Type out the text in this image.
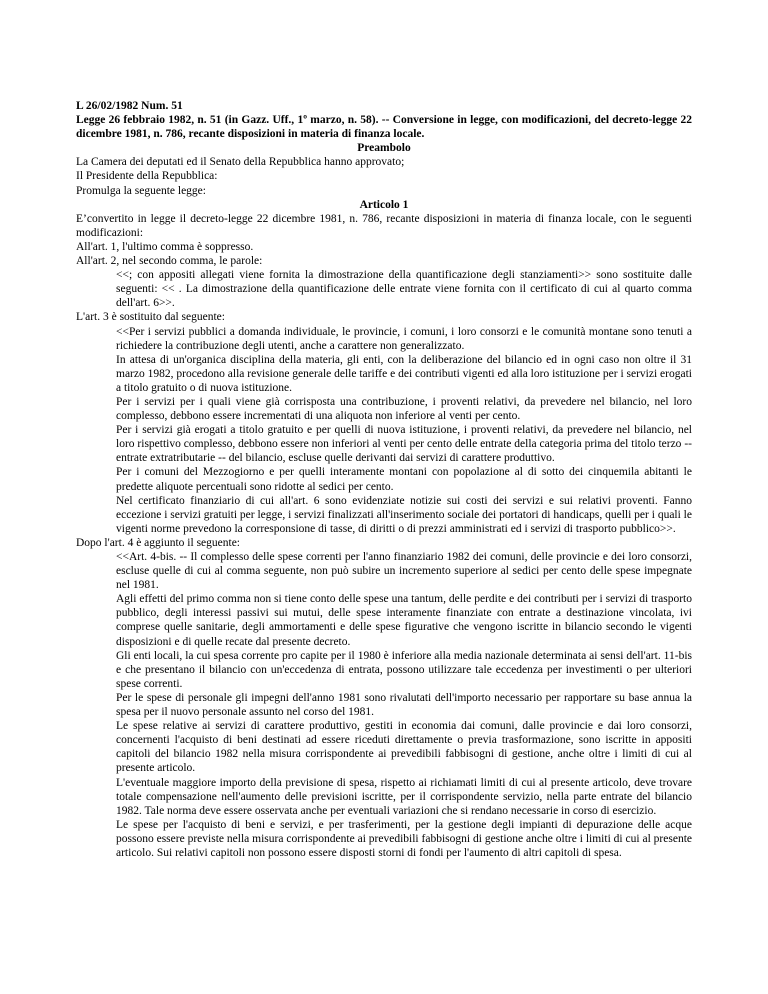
L 26/02/1982 Num. 51

Legge 26 febbraio 1982, n. 51 (in Gazz. Uff., 1º marzo, n. 58). -- Conversione in legge, con modificazioni, del decreto-legge 22 dicembre 1981, n. 786, recante disposizioni in materia di finanza locale.

Preambolo

La Camera dei deputati ed il Senato della Repubblica hanno approvato;

Il Presidente della Repubblica:

Promulga la seguente legge:

Articolo 1

E’convertito in legge il decreto-legge 22 dicembre 1981, n. 786, recante disposizioni in materia di finanza locale, con le seguenti modificazioni:

All'art. 1, l'ultimo comma è soppresso.

All'art. 2, nel secondo comma, le parole:

<<; con appositi allegati viene fornita la dimostrazione della quantificazione degli stanziamenti>> sono sostituite dalle seguenti: << . La dimostrazione della quantificazione delle entrate viene fornita con il certificato di cui al quarto comma dell'art. 6>>.

L'art. 3 è sostituito dal seguente:

<<Per i servizi pubblici a domanda individuale, le provincie, i comuni, i loro consorzi e le comunità montane sono tenuti a richiedere la contribuzione degli utenti, anche a carattere non generalizzato.

In attesa di un'organica disciplina della materia, gli enti, con la deliberazione del bilancio ed in ogni caso non oltre il 31 marzo 1982, procedono alla revisione generale delle tariffe e dei contributi vigenti ed alla loro istituzione per i servizi erogati a titolo gratuito o di nuova istituzione.

Per i servizi per i quali viene già corrisposta una contribuzione, i proventi relativi, da prevedere nel bilancio, nel loro complesso, debbono essere incrementati di una aliquota non inferiore al venti per cento.

Per i servizi già erogati a titolo gratuito e per quelli di nuova istituzione, i proventi relativi, da prevedere nel bilancio, nel loro rispettivo complesso, debbono essere non inferiori al venti per cento delle entrate della categoria prima del titolo terzo -- entrate extratributarie -- del bilancio, escluse quelle derivanti dai servizi di carattere produttivo.

Per i comuni del Mezzogiorno e per quelli interamente montani con popolazione al di sotto dei cinquemila abitanti le predette aliquote percentuali sono ridotte al sedici per cento.

Nel certificato finanziario di cui all'art. 6 sono evidenziate notizie sui costi dei servizi e sui relativi proventi. Fanno eccezione i servizi gratuiti per legge, i servizi finalizzati all'inserimento sociale dei portatori di handicaps, quelli per i quali le vigenti norme prevedono la corresponsione di tasse, di diritti o di prezzi amministrati ed i servizi di trasporto pubblico>>.

Dopo l'art. 4 è aggiunto il seguente:

<<Art. 4-bis. -- Il complesso delle spese correnti per l'anno finanziario 1982 dei comuni, delle provincie e dei loro consorzi, escluse quelle di cui al comma seguente, non può subire un incremento superiore al sedici per cento delle spese impegnate nel 1981.

Agli effetti del primo comma non si tiene conto delle spese una tantum, delle perdite e dei contributi per i servizi di trasporto pubblico, degli interessi passivi sui mutui, delle spese interamente finanziate con entrate a destinazione vincolata, ivi comprese quelle sanitarie, degli ammortamenti e delle spese figurative che vengono iscritte in bilancio secondo le vigenti disposizioni e di quelle recate dal presente decreto.

Gli enti locali, la cui spesa corrente pro capite per il 1980 è inferiore alla media nazionale determinata ai sensi dell'art. 11-bis e che presentano il bilancio con un'eccedenza di entrata, possono utilizzare tale eccedenza per investimenti o per ulteriori spese correnti.

Per le spese di personale gli impegni dell'anno 1981 sono rivalutati dell'importo necessario per rapportare su base annua la spesa per il nuovo personale assunto nel corso del 1981.

Le spese relative ai servizi di carattere produttivo, gestiti in economia dai comuni, dalle provincie e dai loro consorzi, concernenti l'acquisto di beni destinati ad essere riceduti direttamente o previa trasformazione, sono iscritte in appositi capitoli del bilancio 1982 nella misura corrispondente ai prevedibili fabbisogni di gestione, anche oltre i limiti di cui al presente articolo.

L'eventuale maggiore importo della previsione di spesa, rispetto ai richiamati limiti di cui al presente articolo, deve trovare totale compensazione nell'aumento delle previsioni iscritte, per il corrispondente servizio, nella parte entrate del bilancio 1982. Tale norma deve essere osservata anche per eventuali variazioni che si rendano necessarie in corso di esercizio.

Le spese per l'acquisto di beni e servizi, e per trasferimenti, per la gestione degli impianti di depurazione delle acque possono essere previste nella misura corrispondente ai prevedibili fabbisogni di gestione anche oltre i limiti di cui al presente articolo. Sui relativi capitoli non possono essere disposti storni di fondi per l'aumento di altri capitoli di spesa.
